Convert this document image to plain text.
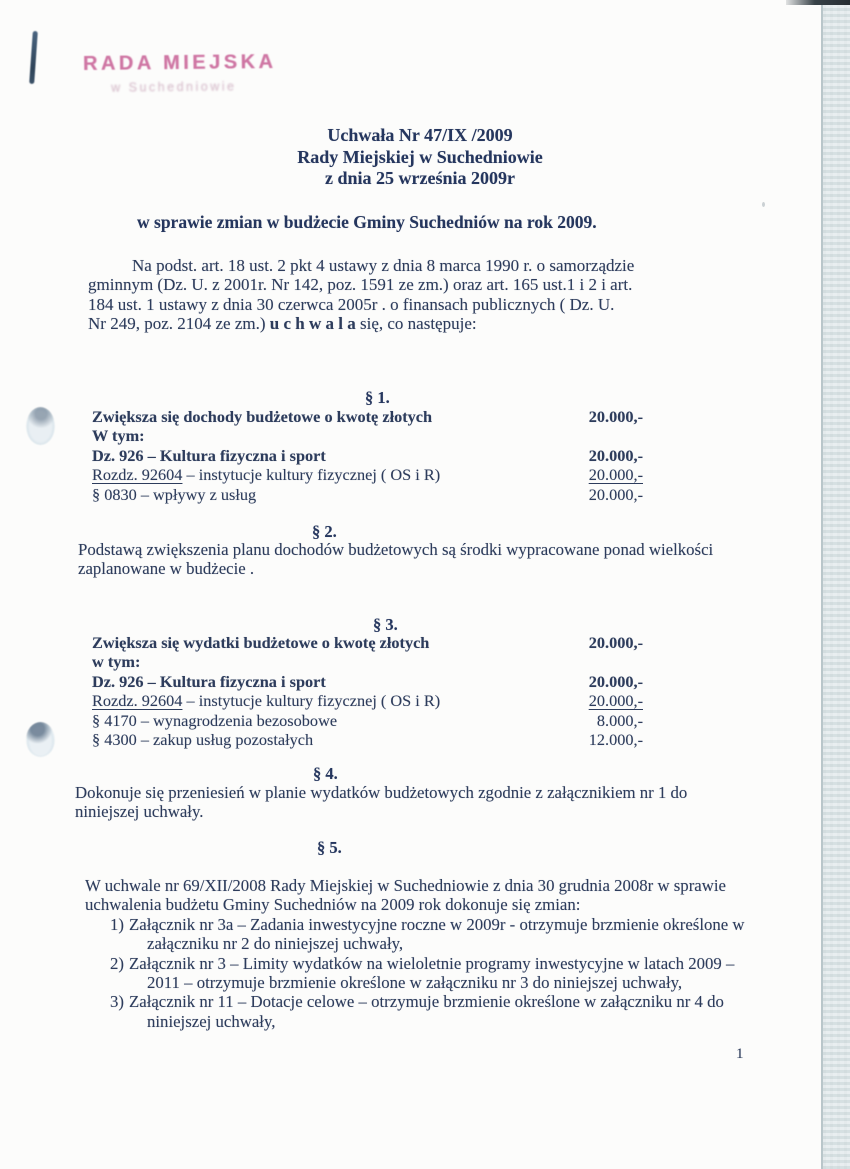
RADA MIEJSKA
w Suchedniowie
Uchwała Nr 47/IX /2009
Rady Miejskiej w Suchedniowie
z dnia 25 września 2009r
w sprawie zmian w budżecie Gminy Suchedniów na rok 2009.
Na podst. art. 18 ust. 2 pkt 4 ustawy z dnia 8 marca 1990 r. o samorządzie
gminnym (Dz. U. z 2001r. Nr 142, poz. 1591 ze zm.) oraz art. 165 ust.1 i 2 i art.
184 ust. 1 ustawy z dnia 30 czerwca 2005r . o finansach publicznych ( Dz. U.
Nr 249, poz. 2104 ze zm.) u c h w a l a się, co następuje:
§ 1.
Zwiększa się dochody budżetowe o kwotę złotych	20.000,-
W tym:
Dz. 926 – Kultura fizyczna i sport	20.000,-
Rozdz. 92604 – instytucje kultury fizycznej ( OS i R)	20.000,-
§ 0830 – wpływy z usług	20.000,-
§ 2.
Podstawą zwiększenia planu dochodów budżetowych są środki wypracowane ponad wielkości
zaplanowane w budżecie .
§ 3.
Zwiększa się wydatki budżetowe o kwotę złotych	20.000,-
w tym:
Dz. 926 – Kultura fizyczna i sport	20.000,-
Rozdz. 92604 – instytucje kultury fizycznej ( OS i R)	20.000,-
§ 4170 – wynagrodzenia bezosobowe	8.000,-
§ 4300 – zakup usług pozostałych	12.000,-
§ 4.
Dokonuje się przeniesień w planie wydatków budżetowych zgodnie z załącznikiem nr 1 do
niniejszej uchwały.
§ 5.
W uchwale nr 69/XII/2008 Rady Miejskiej w Suchedniowie z dnia 30 grudnia 2008r w sprawie
uchwalenia budżetu Gminy Suchedniów na 2009 rok dokonuje się zmian:
1) Załącznik nr 3a – Zadania inwestycyjne roczne w 2009r - otrzymuje brzmienie określone w
załączniku nr 2 do niniejszej uchwały,
2) Załącznik nr 3 – Limity wydatków na wieloletnie programy inwestycyjne w latach 2009 –
2011 – otrzymuje brzmienie określone w załączniku nr 3 do niniejszej uchwały,
3) Załącznik nr 11 – Dotacje celowe – otrzymuje brzmienie określone w załączniku nr 4 do
niniejszej uchwały,
1
